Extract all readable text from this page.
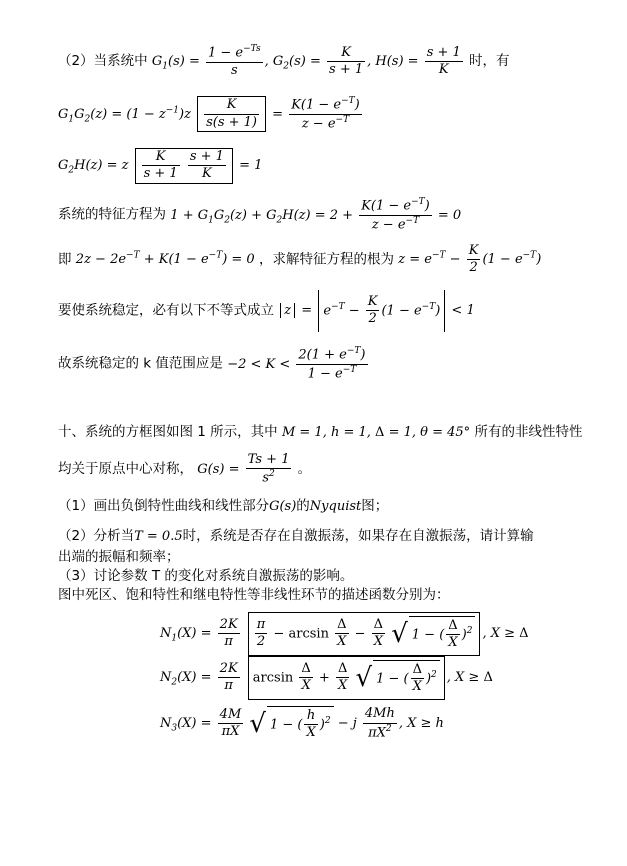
（2）当系统中 $G_1(s) = \frac{1 - e^{-Ts}}{s}$ , $G_2(s) = \frac{K}{s + 1}$ , $H(s) = \frac{s + 1}{K}$ 时，有
$G_1G_2(z) = (1 - z^{-1})z \frac{K}{s(s + 1)} = \frac{K(1 - e^{-T})}{z - e^{-T}}$
$G_2H(z) = z \frac{K}{s + 1}$
$\frac{s + 1}{K} = 1$
系统的特征方程为 $1 + G_1G_2(z) + G_2H(z) = 2 + \frac{K(1 - e^{-T})}{z - e^{-T}} = 0$
即 $2z - 2e^{-T} + K(1 - e^{-T}) = 0$ ，求解特征方程的根为 $z = e^{-T} - \frac{K}{2} (1 - e^{-T})$
要使系统稳定，必有以下不等式成立 $z = e^{-T} - \frac{K}{2} (1 - e^{-T}) < 1$
故系统稳定的 k 值范围应是 $-2 < K < \frac{2(1 + e^{-T})}{1 - e^{-T}}$
十、系统的方框图如图 1 所示，其中 M = 1, h = 1, Δ = 1, θ = 45° 所有的非线性特性
均关于原点中心对称， $G(s) = \frac{Ts + 1}{s^2}$ 。
（1）画出负倒特性曲线和线性部分G(s)的Nyquist图；
（2）分析当T = 0.5时，系统是否存在自激振荡，如果存在自激振荡，请计算输
出端的振幅和频率；
（3）讨论参数 T 的变化对系统自激振荡的影响。
图中死区、饱和特性和继电特性等非线性环节的描述函数分别为：
$N_1(X) = \frac{2K}{\pi}$
$\frac{\pi}{2} - \arcsin \frac{\Delta}{X} - \frac{\Delta}{X}$ √ 1 − ( $\frac{\Delta}{X} )^2$ , X ≥ Δ
$N_2(X) = \frac{2K}{\pi}$ $\arcsin \frac{\Delta}{X} + \frac{\Delta}{X}$ √ 1 − ( $\frac{\Delta}{X} )^2$ , X ≥ Δ
$N_3(X) = \frac{4M}{\pi X}$ √ 1 − ( $\frac{h}{X} )^2 - j \frac{4Mh}{\pi X^2}$ , X ≥ h
